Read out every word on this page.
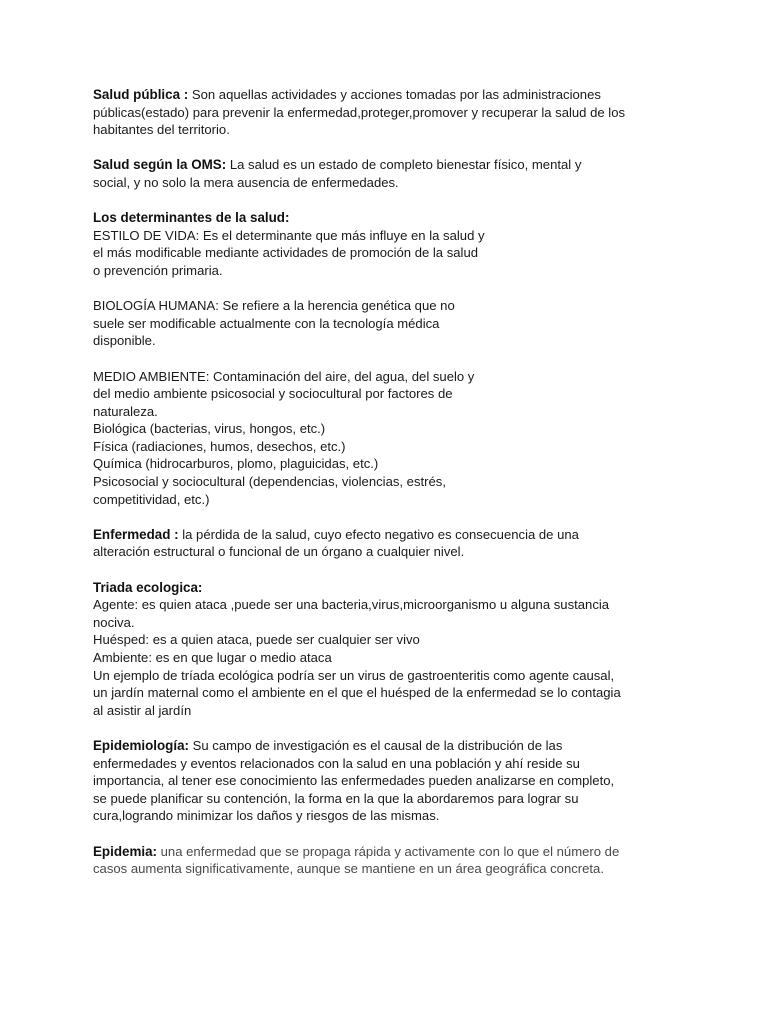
Salud pública : Son aquellas actividades y acciones tomadas por las administraciones
públicas(estado) para prevenir la enfermedad,proteger,promover y recuperar la salud de los
habitantes del territorio.
Salud según la OMS: La salud es un estado de completo bienestar físico, mental y
social, y no solo la mera ausencia de enfermedades.
Los determinantes de la salud:
ESTILO DE VIDA: Es el determinante que más influye en la salud y
el más modificable mediante actividades de promoción de la salud
o prevención primaria.
BIOLOGÍA HUMANA: Se refiere a la herencia genética que no
suele ser modificable actualmente con la tecnología médica
disponible.
MEDIO AMBIENTE: Contaminación del aire, del agua, del suelo y
del medio ambiente psicosocial y sociocultural por factores de
naturaleza.
Biológica (bacterias, virus, hongos, etc.)
Física (radiaciones, humos, desechos, etc.)
Química (hidrocarburos, plomo, plaguicidas, etc.)
Psicosocial y sociocultural (dependencias, violencias, estrés,
competitividad, etc.)
Enfermedad : la pérdida de la salud, cuyo efecto negativo es consecuencia de una
alteración estructural o funcional de un órgano a cualquier nivel.
Triada ecologica:
Agente: es quien ataca ,puede ser una bacteria,virus,microorganismo u alguna sustancia
nociva.
Huésped: es a quien ataca, puede ser cualquier ser vivo
Ambiente: es en que lugar o medio ataca
Un ejemplo de tríada ecológica podría ser un virus de gastroenteritis como agente causal,
un jardín maternal como el ambiente en el que el huésped de la enfermedad se lo contagia
al asistir al jardín
Epidemiología: Su campo de investigación es el causal de la distribución de las
enfermedades y eventos relacionados con la salud en una población y ahí reside su
importancia, al tener ese conocimiento las enfermedades pueden analizarse en completo,
se puede planificar su contención, la forma en la que la abordaremos para lograr su
cura,logrando minimizar los daños y riesgos de las mismas.
Epidemia: una enfermedad que se propaga rápida y activamente con lo que el número de
casos aumenta significativamente, aunque se mantiene en un área geográfica concreta.
